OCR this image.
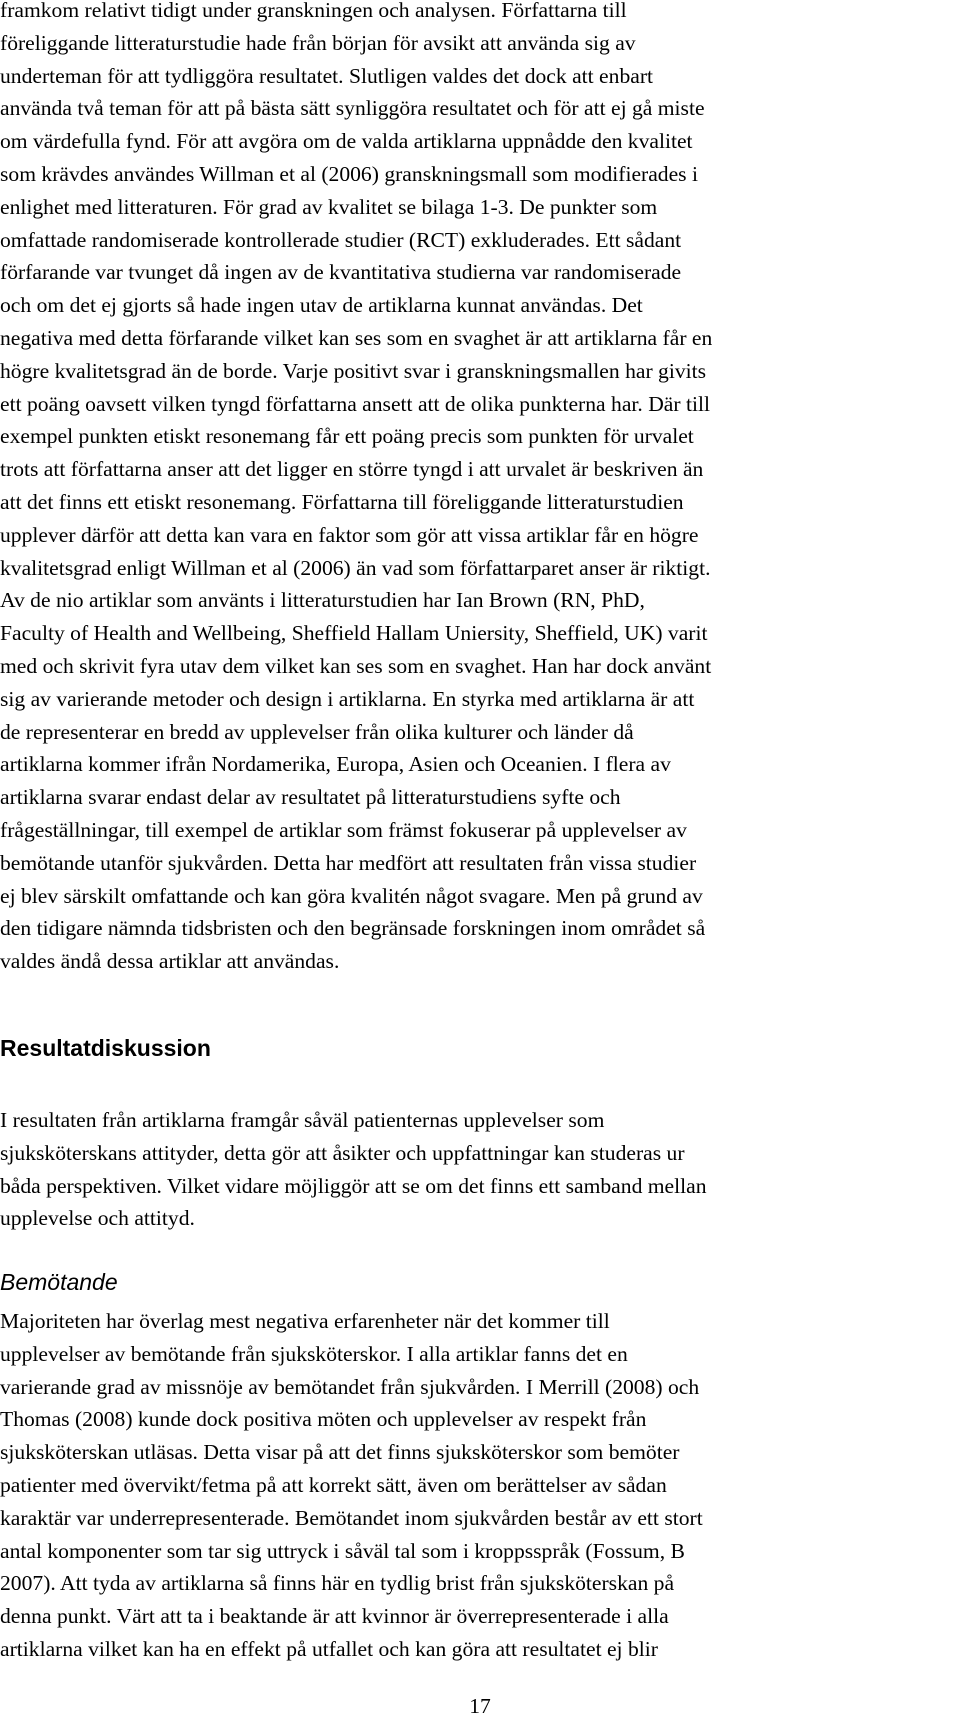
framkom relativt tidigt under granskningen och analysen. Författarna till
föreliggande litteraturstudie hade från början för avsikt att använda sig av
underteman för att tydliggöra resultatet. Slutligen valdes det dock att enbart
använda två teman för att på bästa sätt synliggöra resultatet och för att ej gå miste
om värdefulla fynd. För att avgöra om de valda artiklarna uppnådde den kvalitet
som krävdes användes Willman et al (2006) granskningsmall som modifierades i
enlighet med litteraturen. För grad av kvalitet se bilaga 1-3. De punkter som
omfattade randomiserade kontrollerade studier (RCT) exkluderades. Ett sådant
förfarande var tvunget då ingen av de kvantitativa studierna var randomiserade
och om det ej gjorts så hade ingen utav de artiklarna kunnat användas. Det
negativa med detta förfarande vilket kan ses som en svaghet är att artiklarna får en
högre kvalitetsgrad än de borde. Varje positivt svar i granskningsmallen har givits
ett poäng oavsett vilken tyngd författarna ansett att de olika punkterna har. Där till
exempel punkten etiskt resonemang får ett poäng precis som punkten för urvalet
trots att författarna anser att det ligger en större tyngd i att urvalet är beskriven än
att det finns ett etiskt resonemang. Författarna till föreliggande litteraturstudien
upplever därför att detta kan vara en faktor som gör att vissa artiklar får en högre
kvalitetsgrad enligt Willman et al (2006) än vad som författarparet anser är riktigt.
Av de nio artiklar som använts i litteraturstudien har Ian Brown (RN, PhD,
Faculty of Health and Wellbeing, Sheffield Hallam Uniersity, Sheffield, UK) varit
med och skrivit fyra utav dem vilket kan ses som en svaghet. Han har dock använt
sig av varierande metoder och design i artiklarna. En styrka med artiklarna är att
de representerar en bredd av upplevelser från olika kulturer och länder då
artiklarna kommer ifrån Nordamerika, Europa, Asien och Oceanien. I flera av
artiklarna svarar endast delar av resultatet på litteraturstudiens syfte och
frågeställningar, till exempel de artiklar som främst fokuserar på upplevelser av
bemötande utanför sjukvården. Detta har medfört att resultaten från vissa studier
ej blev särskilt omfattande och kan göra kvalitén något svagare. Men på grund av
den tidigare nämnda tidsbristen och den begränsade forskningen inom området så
valdes ändå dessa artiklar att användas.

Resultatdiskussion

I resultaten från artiklarna framgår såväl patienternas upplevelser som
sjuksköterskans attityder, detta gör att åsikter och uppfattningar kan studeras ur
båda perspektiven. Vilket vidare möjliggör att se om det finns ett samband mellan
upplevelse och attityd.

Bemötande

Majoriteten har överlag mest negativa erfarenheter när det kommer till
upplevelser av bemötande från sjuksköterskor. I alla artiklar fanns det en
varierande grad av missnöje av bemötandet från sjukvården. I Merrill (2008) och
Thomas (2008) kunde dock positiva möten och upplevelser av respekt från
sjuksköterskan utläsas. Detta visar på att det finns sjuksköterskor som bemöter
patienter med övervikt/fetma på att korrekt sätt, även om berättelser av sådan
karaktär var underrepresenterade. Bemötandet inom sjukvården består av ett stort
antal komponenter som tar sig uttryck i såväl tal som i kroppsspråk (Fossum, B
2007). Att tyda av artiklarna så finns här en tydlig brist från sjuksköterskan på
denna punkt. Värt att ta i beaktande är att kvinnor är överrepresenterade i alla
artiklarna vilket kan ha en effekt på utfallet och kan göra att resultatet ej blir

17
